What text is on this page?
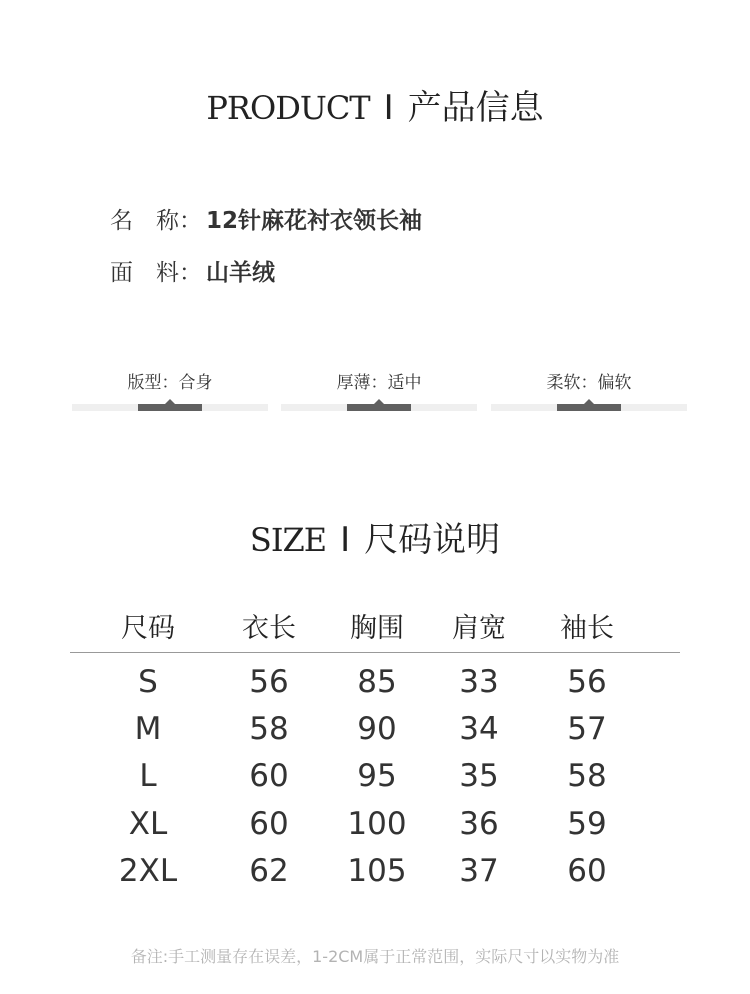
PRODUCT I 产品信息
名　称： 12针麻花衬衣领长袖
面　料： 山羊绒
版型：合身	厚薄：适中	柔软：偏软
SIZE I 尺码说明
尺码	衣长	胸围	肩宽	袖长
S	56	85	33	56
M	58	90	34	57
L	60	95	35	58
XL	60	100	36	59
2XL	62	105	37	60
备注:手工测量存在误差，1-2CM属于正常范围，实际尺寸以实物为准
